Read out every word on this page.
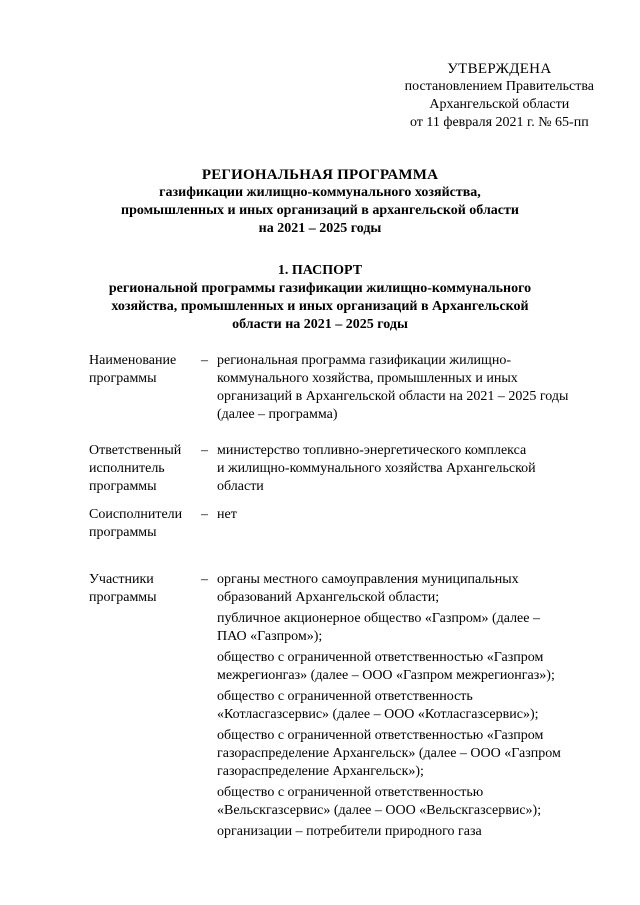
УТВЕРЖДЕНА
постановлением Правительства
Архангельской области
от 11 февраля 2021 г. № 65-пп
РЕГИОНАЛЬНАЯ ПРОГРАММА
газификации жилищно-коммунального хозяйства,
промышленных и иных организаций в архангельской области
на 2021 – 2025 годы
1. ПАСПОРТ
региональной программы газификации жилищно-коммунального
хозяйства, промышленных и иных организаций в Архангельской
области на 2021 – 2025 годы
Наименование
программы
– региональная программа газификации жилищно-
коммунального хозяйства, промышленных и иных
организаций в Архангельской области на 2021 – 2025 годы
(далее – программа)
Ответственный
исполнитель
программы
– министерство топливно-энергетического комплекса
и жилищно-коммунального хозяйства Архангельской
области
Соисполнители
программы
– нет
Участники
программы
– органы местного самоуправления муниципальных
образований Архангельской области;
публичное акционерное общество «Газпром» (далее –
ПАО «Газпром»);
общество с ограниченной ответственностью «Газпром
межрегионгаз» (далее – ООО «Газпром межрегионгаз»);
общество с ограниченной ответственность
«Котласгазсервис» (далее – ООО «Котласгазсервис»);
общество с ограниченной ответственностью «Газпром
газораспределение Архангельск» (далее – ООО «Газпром
газораспределение Архангельск»);
общество с ограниченной ответственностью
«Вельскгазсервис» (далее – ООО «Вельскгазсервис»);
организации – потребители природного газа
